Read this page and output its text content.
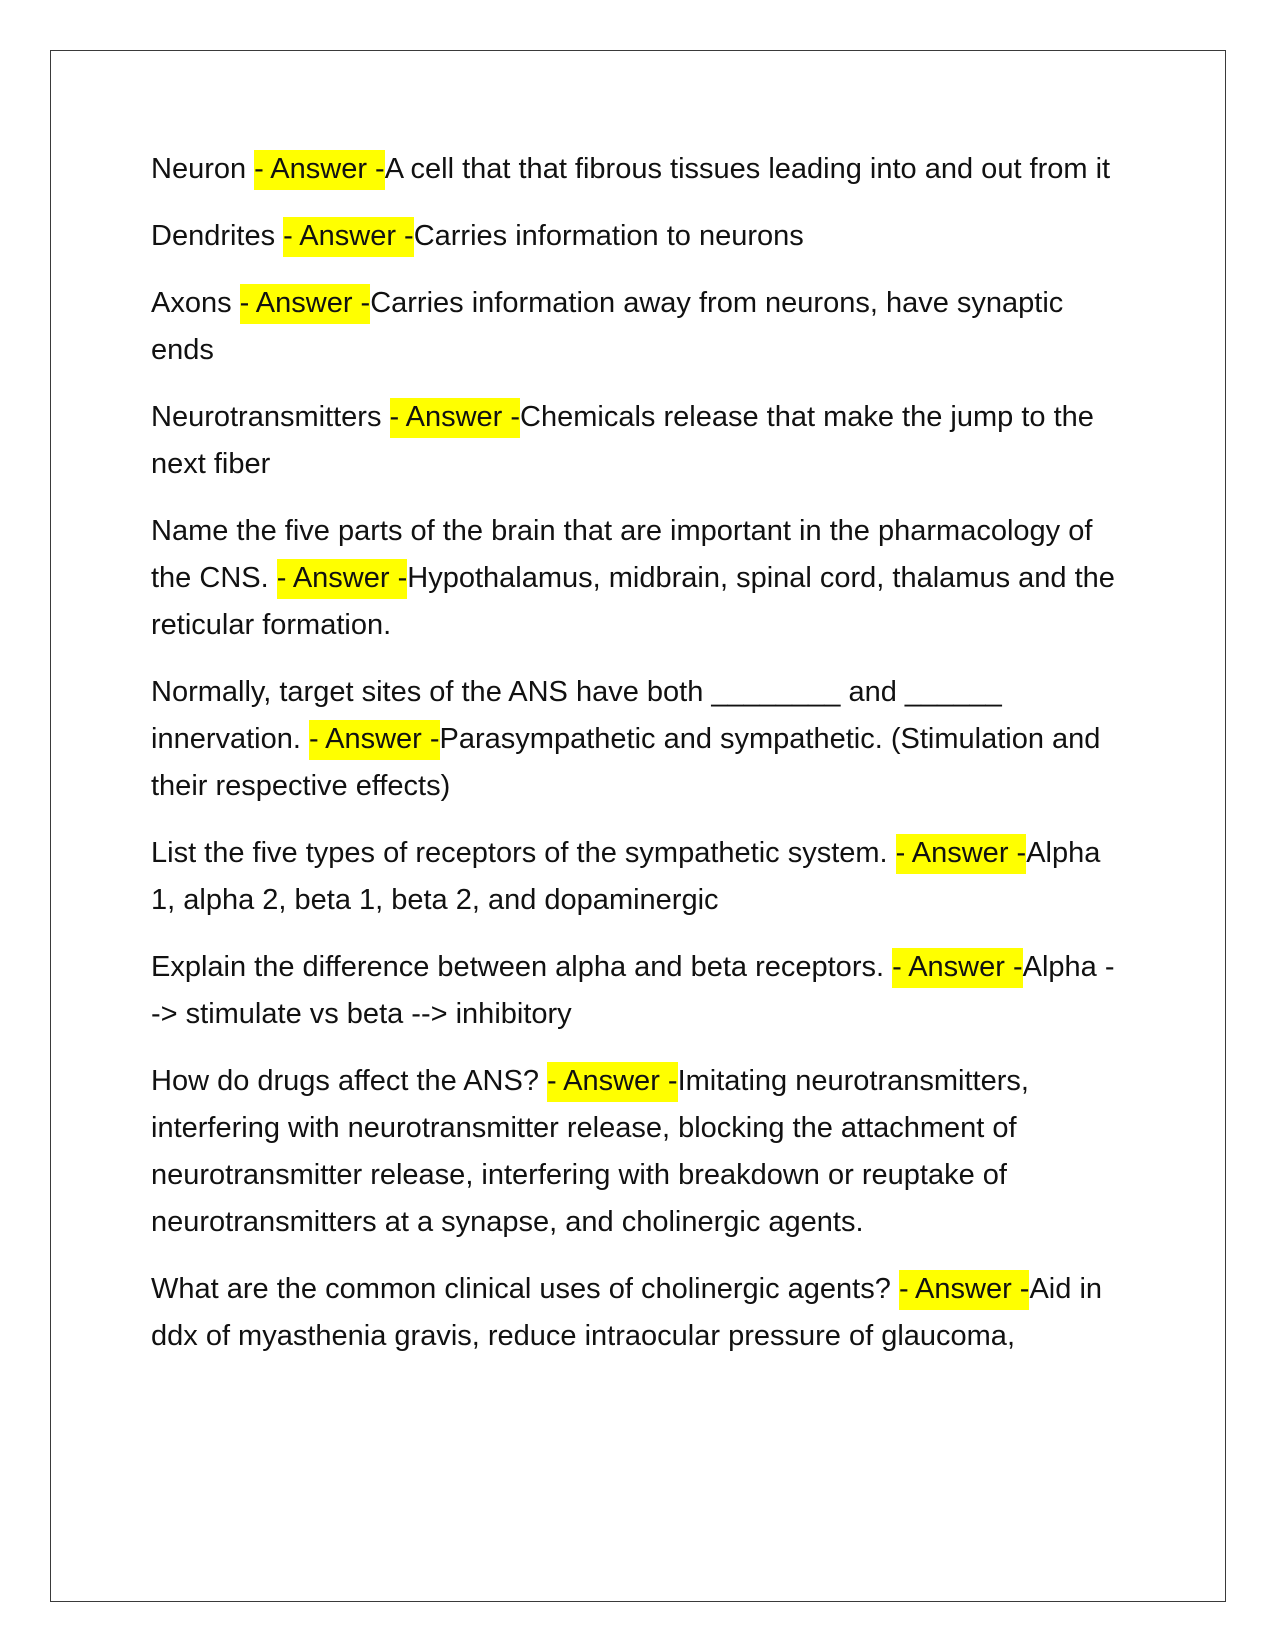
Neuron - Answer -A cell that that fibrous tissues leading into and out from it

Dendrites - Answer -Carries information to neurons

Axons - Answer -Carries information away from neurons, have synaptic ends

Neurotransmitters - Answer -Chemicals release that make the jump to the next fiber

Name the five parts of the brain that are important in the pharmacology of the CNS. - Answer -Hypothalamus, midbrain, spinal cord, thalamus and the reticular formation.

Normally, target sites of the ANS have both ________ and ______ innervation. - Answer -Parasympathetic and sympathetic. (Stimulation and their respective effects)

List the five types of receptors of the sympathetic system. - Answer -Alpha 1, alpha 2, beta 1, beta 2, and dopaminergic

Explain the difference between alpha and beta receptors. - Answer -Alpha --> stimulate vs beta --> inhibitory

How do drugs affect the ANS? - Answer -Imitating neurotransmitters, interfering with neurotransmitter release, blocking the attachment of neurotransmitter release, interfering with breakdown or reuptake of neurotransmitters at a synapse, and cholinergic agents.

What are the common clinical uses of cholinergic agents? - Answer -Aid in ddx of myasthenia gravis, reduce intraocular pressure of glaucoma,
